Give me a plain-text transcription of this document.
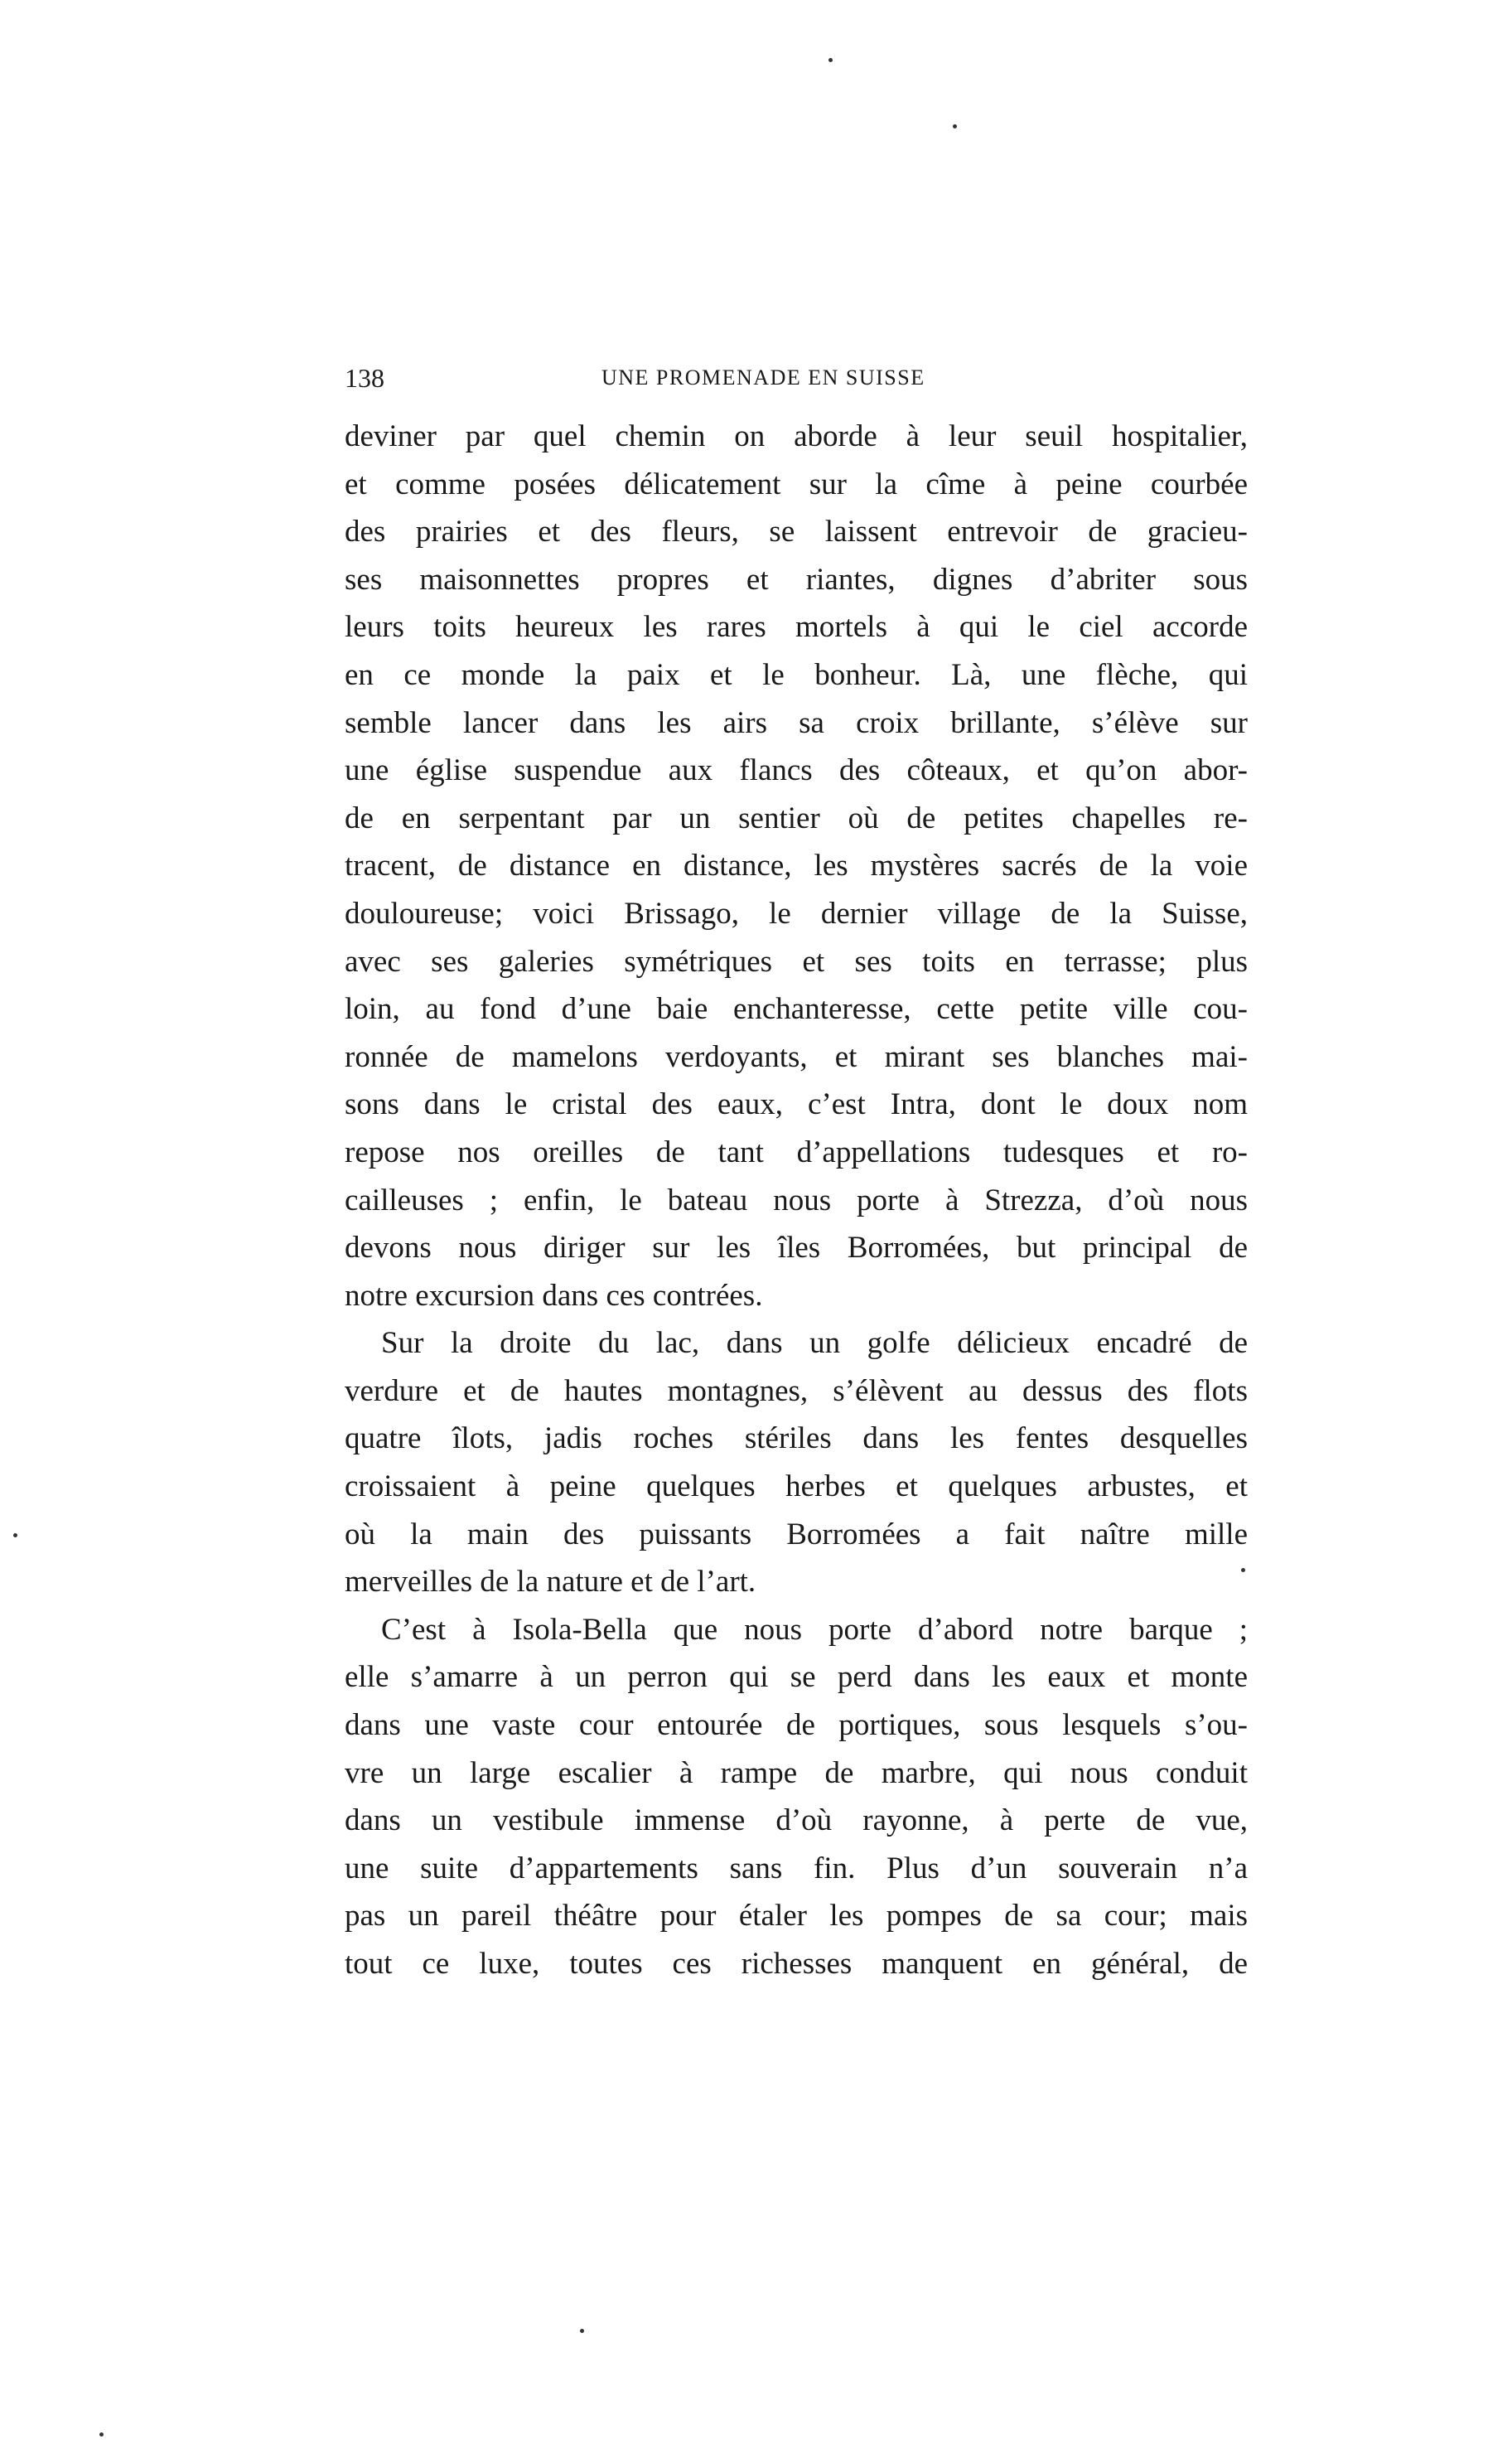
138	UNE PROMENADE EN SUISSE
deviner par quel chemin on aborde à leur seuil hospitalier,
et comme posées délicatement sur la cîme à peine courbée
des prairies et des fleurs, se laissent entrevoir de gracieu-
ses maisonnettes propres et riantes, dignes d’abriter sous
leurs toits heureux les rares mortels à qui le ciel accorde
en ce monde la paix et le bonheur. Là, une flèche, qui
semble lancer dans les airs sa croix brillante, s’élève sur
une église suspendue aux flancs des côteaux, et qu’on abor-
de en serpentant par un sentier où de petites chapelles re-
tracent, de distance en distance, les mystères sacrés de la voie
douloureuse; voici Brissago, le dernier village de la Suisse,
avec ses galeries symétriques et ses toits en terrasse; plus
loin, au fond d’une baie enchanteresse, cette petite ville cou-
ronnée de mamelons verdoyants, et mirant ses blanches mai-
sons dans le cristal des eaux, c’est Intra, dont le doux nom
repose nos oreilles de tant d’appellations tudesques et ro-
cailleuses ; enfin, le bateau nous porte à Strezza, d’où nous
devons nous diriger sur les îles Borromées, but principal de
notre excursion dans ces contrées.
Sur la droite du lac, dans un golfe délicieux encadré de
verdure et de hautes montagnes, s’élèvent au dessus des flots
quatre îlots, jadis roches stériles dans les fentes desquelles
croissaient à peine quelques herbes et quelques arbustes, et
où la main des puissants Borromées a fait naître mille
merveilles de la nature et de l’art.
C’est à Isola-Bella que nous porte d’abord notre barque ;
elle s’amarre à un perron qui se perd dans les eaux et monte
dans une vaste cour entourée de portiques, sous lesquels s’ou-
vre un large escalier à rampe de marbre, qui nous conduit
dans un vestibule immense d’où rayonne, à perte de vue,
une suite d’appartements sans fin. Plus d’un souverain n’a
pas un pareil théâtre pour étaler les pompes de sa cour; mais
tout ce luxe, toutes ces richesses manquent en général, de
